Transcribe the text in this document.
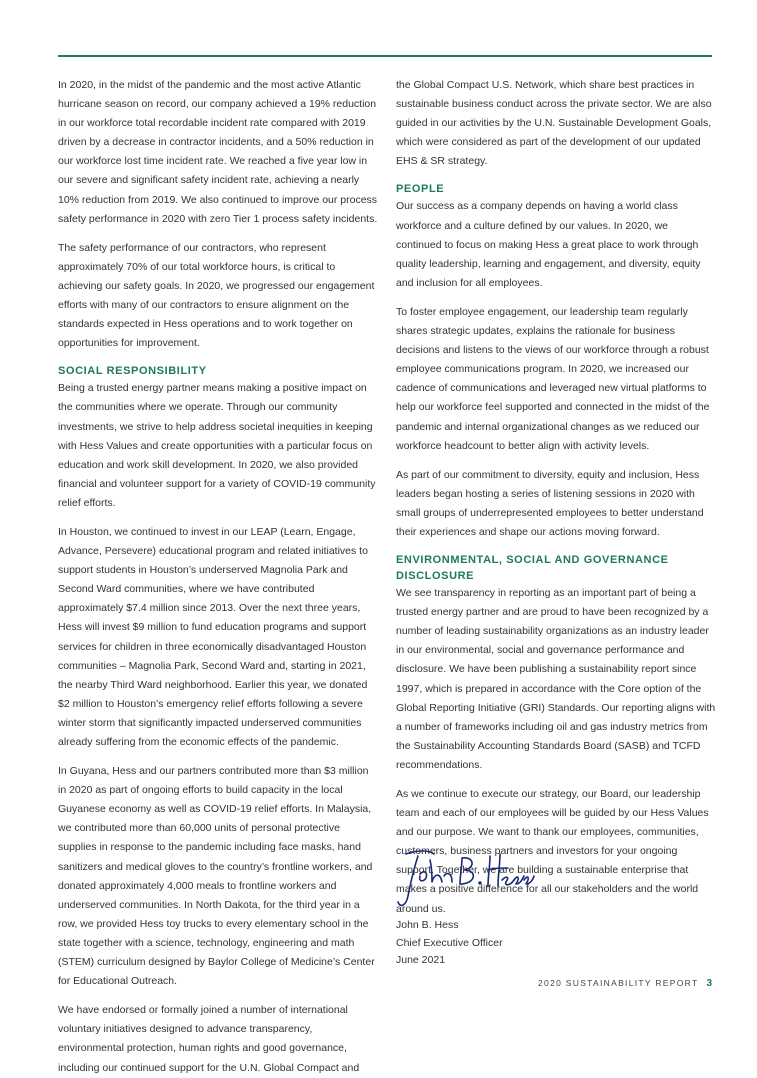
In 2020, in the midst of the pandemic and the most active Atlantic hurricane season on record, our company achieved a 19% reduction in our workforce total recordable incident rate compared with 2019 driven by a decrease in contractor incidents, and a 50% reduction in our workforce lost time incident rate. We reached a five year low in our severe and significant safety incident rate, achieving a nearly 10% reduction from 2019. We also continued to improve our process safety performance in 2020 with zero Tier 1 process safety incidents.

The safety performance of our contractors, who represent approximately 70% of our total workforce hours, is critical to achieving our safety goals. In 2020, we progressed our engagement efforts with many of our contractors to ensure alignment on the standards expected in Hess operations and to work together on opportunities for improvement.

SOCIAL RESPONSIBILITY

Being a trusted energy partner means making a positive impact on the communities where we operate. Through our community investments, we strive to help address societal inequities in keeping with Hess Values and create opportunities with a particular focus on education and work skill development. In 2020, we also provided financial and volunteer support for a variety of COVID-19 community relief efforts.

In Houston, we continued to invest in our LEAP (Learn, Engage, Advance, Persevere) educational program and related initiatives to support students in Houston’s underserved Magnolia Park and Second Ward communities, where we have contributed approximately $7.4 million since 2013. Over the next three years, Hess will invest $9 million to fund education programs and support services for children in three economically disadvantaged Houston communities – Magnolia Park, Second Ward and, starting in 2021, the nearby Third Ward neighborhood. Earlier this year, we donated $2 million to Houston’s emergency relief efforts following a severe winter storm that significantly impacted underserved communities already suffering from the economic effects of the pandemic.

In Guyana, Hess and our partners contributed more than $3 million in 2020 as part of ongoing efforts to build capacity in the local Guyanese economy as well as COVID-19 relief efforts. In Malaysia, we contributed more than 60,000 units of personal protective supplies in response to the pandemic including face masks, hand sanitizers and medical gloves to the country’s frontline workers, and donated approximately 4,000 meals to frontline workers and underserved communities. In North Dakota, for the third year in a row, we provided Hess toy trucks to every elementary school in the state together with a science, technology, engineering and math (STEM) curriculum designed by Baylor College of Medicine’s Center for Educational Outreach.

We have endorsed or formally joined a number of international voluntary initiatives designed to advance transparency, environmental protection, human rights and good governance, including our continued support for the U.N. Global Compact and

the Global Compact U.S. Network, which share best practices in sustainable business conduct across the private sector. We are also guided in our activities by the U.N. Sustainable Development Goals, which were considered as part of the development of our updated EHS & SR strategy.

PEOPLE

Our success as a company depends on having a world class workforce and a culture defined by our values. In 2020, we continued to focus on making Hess a great place to work through quality leadership, learning and engagement, and diversity, equity and inclusion for all employees.

To foster employee engagement, our leadership team regularly shares strategic updates, explains the rationale for business decisions and listens to the views of our workforce through a robust employee communications program. In 2020, we increased our cadence of communications and leveraged new virtual platforms to help our workforce feel supported and connected in the midst of the pandemic and internal organizational changes as we reduced our workforce headcount to better align with activity levels.

As part of our commitment to diversity, equity and inclusion, Hess leaders began hosting a series of listening sessions in 2020 with small groups of underrepresented employees to better understand their experiences and shape our actions moving forward.

ENVIRONMENTAL, SOCIAL AND GOVERNANCE DISCLOSURE

We see transparency in reporting as an important part of being a trusted energy partner and are proud to have been recognized by a number of leading sustainability organizations as an industry leader in our environmental, social and governance performance and disclosure. We have been publishing a sustainability report since 1997, which is prepared in accordance with the Core option of the Global Reporting Initiative (GRI) Standards. Our reporting aligns with a number of frameworks including oil and gas industry metrics from the Sustainability Accounting Standards Board (SASB) and TCFD recommendations.

As we continue to execute our strategy, our Board, our leadership team and each of our employees will be guided by our Hess Values and our purpose. We want to thank our employees, communities, customers, business partners and investors for your ongoing support. Together, we are building a sustainable enterprise that makes a positive difference for all our stakeholders and the world around us.

John B. Hess
Chief Executive Officer
June 2021
2020 SUSTAINABILITY REPORT 3
